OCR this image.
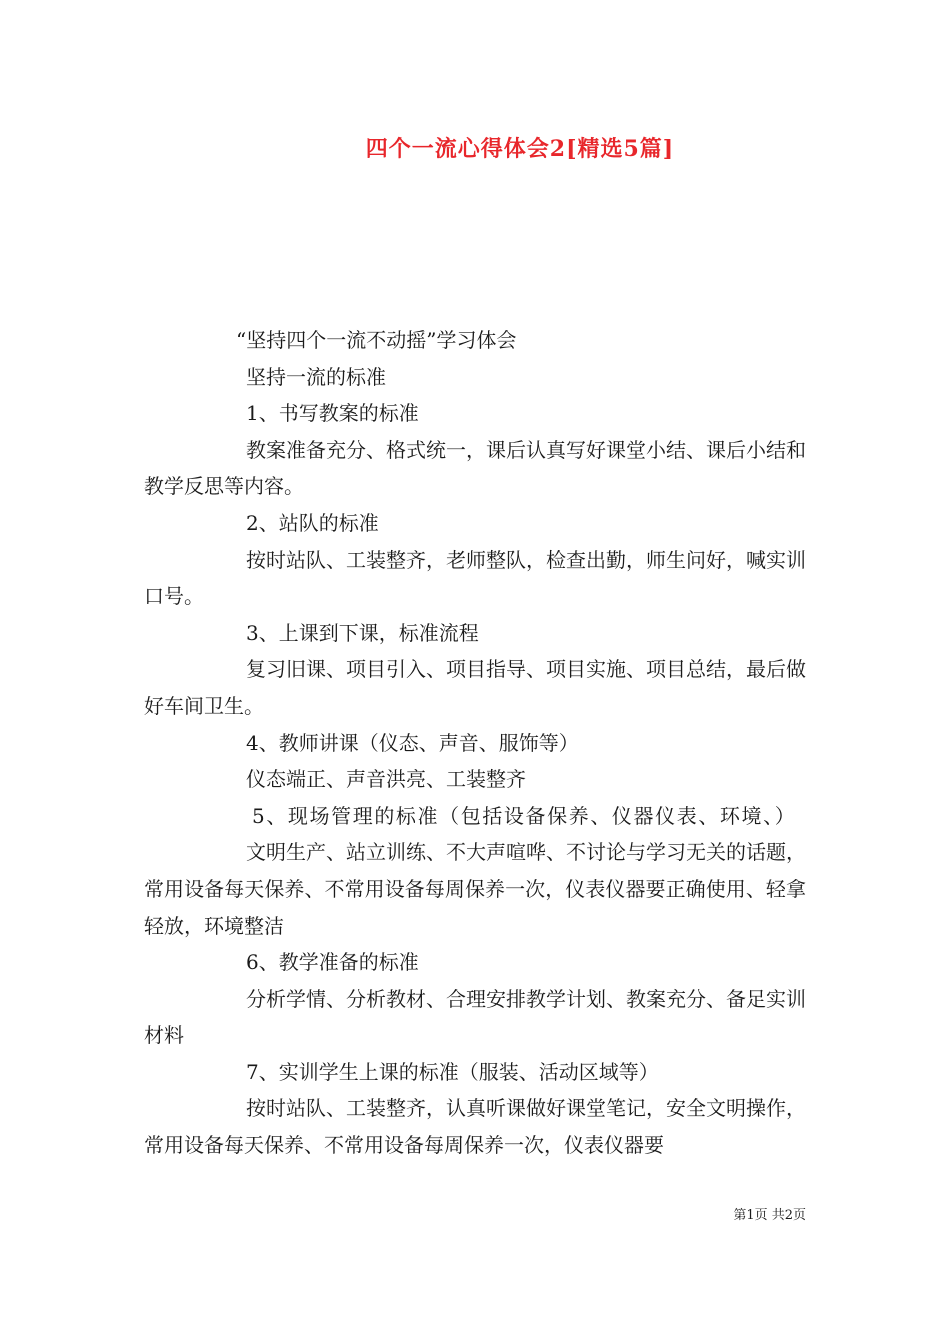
四个一流心得体会2[精选5篇]

“坚持四个一流不动摇”学习体会

坚持一流的标准

1、书写教案的标准

教案准备充分、格式统一，课后认真写好课堂小结、课后小结和教学反思等内容。

2、站队的标准

按时站队、工装整齐，老师整队，检查出勤，师生问好，喊实训口号。

3、上课到下课，标准流程

复习旧课、项目引入、项目指导、项目实施、项目总结，最后做好车间卫生。

4、教师讲课（仪态、声音、服饰等）

仪态端正、声音洪亮、工装整齐

5、现场管理的标准（包括设备保养、仪器仪表、环境、）

文明生产、站立训练、不大声喧哗、不讨论与学习无关的话题，常用设备每天保养、不常用设备每周保养一次，仪表仪器要正确使用、轻拿轻放，环境整洁

6、教学准备的标准

分析学情、分析教材、合理安排教学计划、教案充分、备足实训材料

7、实训学生上课的标准（服装、活动区域等）

按时站队、工装整齐，认真听课做好课堂笔记，安全文明操作，常用设备每天保养、不常用设备每周保养一次，仪表仪器要

第1页 共2页
